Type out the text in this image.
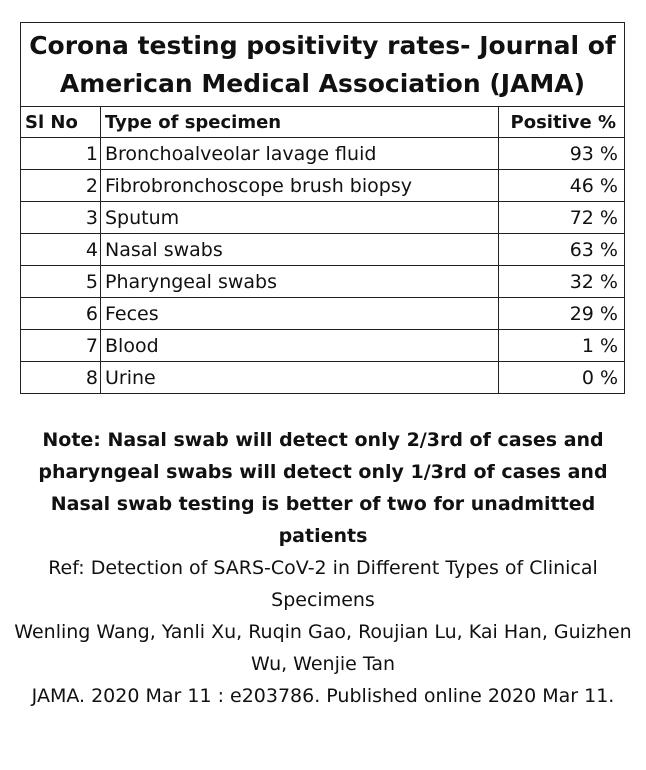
Corona testing positivity rates- Journal of American Medical Association (JAMA)		
Sl No	Type of specimen	Positive %
1	Bronchoalveolar lavage fluid	93 %
2	Fibrobronchoscope brush biopsy	46 %
3	Sputum	72 %
4	Nasal swabs	63 %
5	Pharyngeal swabs	32 %
6	Feces	29 %
7	Blood	1 %
8	Urine	0 %

Note: Nasal swab will detect only 2/3rd of cases and pharyngeal swabs will detect only 1/3rd of cases and Nasal swab testing is better of two for unadmitted patients

Ref: Detection of SARS-CoV-2 in Different Types of Clinical Specimens

Wenling Wang, Yanli Xu, Ruqin Gao, Roujian Lu, Kai Han, Guizhen Wu, Wenjie Tan

JAMA. 2020 Mar 11 : e203786. Published online 2020 Mar 11.
